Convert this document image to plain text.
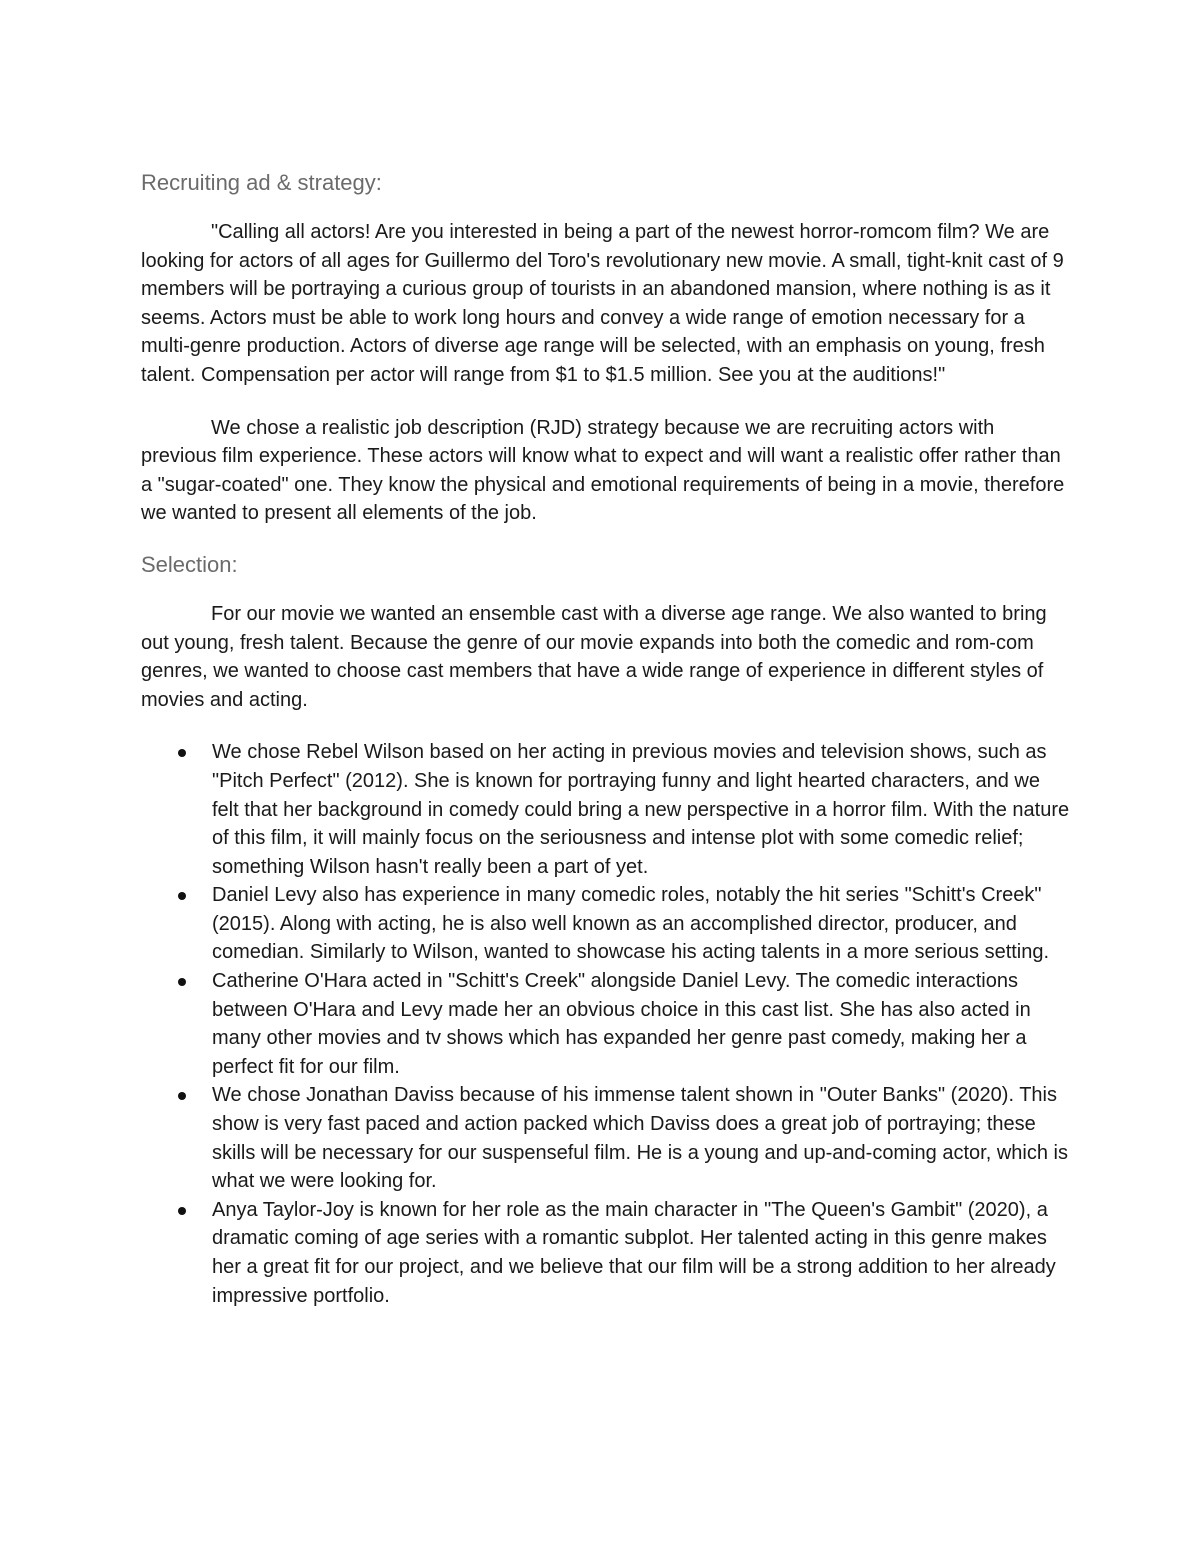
Recruiting ad & strategy:

"Calling all actors! Are you interested in being a part of the newest horror-romcom film? We are looking for actors of all ages for Guillermo del Toro's revolutionary new movie. A small, tight-knit cast of 9 members will be portraying a curious group of tourists in an abandoned mansion, where nothing is as it seems. Actors must be able to work long hours and convey a wide range of emotion necessary for a multi-genre production. Actors of diverse age range will be selected, with an emphasis on young, fresh talent. Compensation per actor will range from $1 to $1.5 million. See you at the auditions!"

We chose a realistic job description (RJD) strategy because we are recruiting actors with previous film experience. These actors will know what to expect and will want a realistic offer rather than a "sugar-coated" one. They know the physical and emotional requirements of being in a movie, therefore we wanted to present all elements of the job.

Selection:

For our movie we wanted an ensemble cast with a diverse age range. We also wanted to bring out young, fresh talent. Because the genre of our movie expands into both the comedic and rom-com genres, we wanted to choose cast members that have a wide range of experience in different styles of movies and acting.

We chose Rebel Wilson based on her acting in previous movies and television shows, such as "Pitch Perfect" (2012). She is known for portraying funny and light hearted characters, and we felt that her background in comedy could bring a new perspective in a horror film. With the nature of this film, it will mainly focus on the seriousness and intense plot with some comedic relief; something Wilson hasn't really been a part of yet.
Daniel Levy also has experience in many comedic roles, notably the hit series "Schitt's Creek" (2015). Along with acting, he is also well known as an accomplished director, producer, and comedian. Similarly to Wilson, wanted to showcase his acting talents in a more serious setting.
Catherine O'Hara acted in "Schitt's Creek" alongside Daniel Levy. The comedic interactions between O'Hara and Levy made her an obvious choice in this cast list. She has also acted in many other movies and tv shows which has expanded her genre past comedy, making her a perfect fit for our film.
We chose Jonathan Daviss because of his immense talent shown in "Outer Banks" (2020). This show is very fast paced and action packed which Daviss does a great job of portraying; these skills will be necessary for our suspenseful film. He is a young and up-and-coming actor, which is what we were looking for.
Anya Taylor-Joy is known for her role as the main character in "The Queen's Gambit" (2020), a dramatic coming of age series with a romantic subplot. Her talented acting in this genre makes her a great fit for our project, and we believe that our film will be a strong addition to her already impressive portfolio.
